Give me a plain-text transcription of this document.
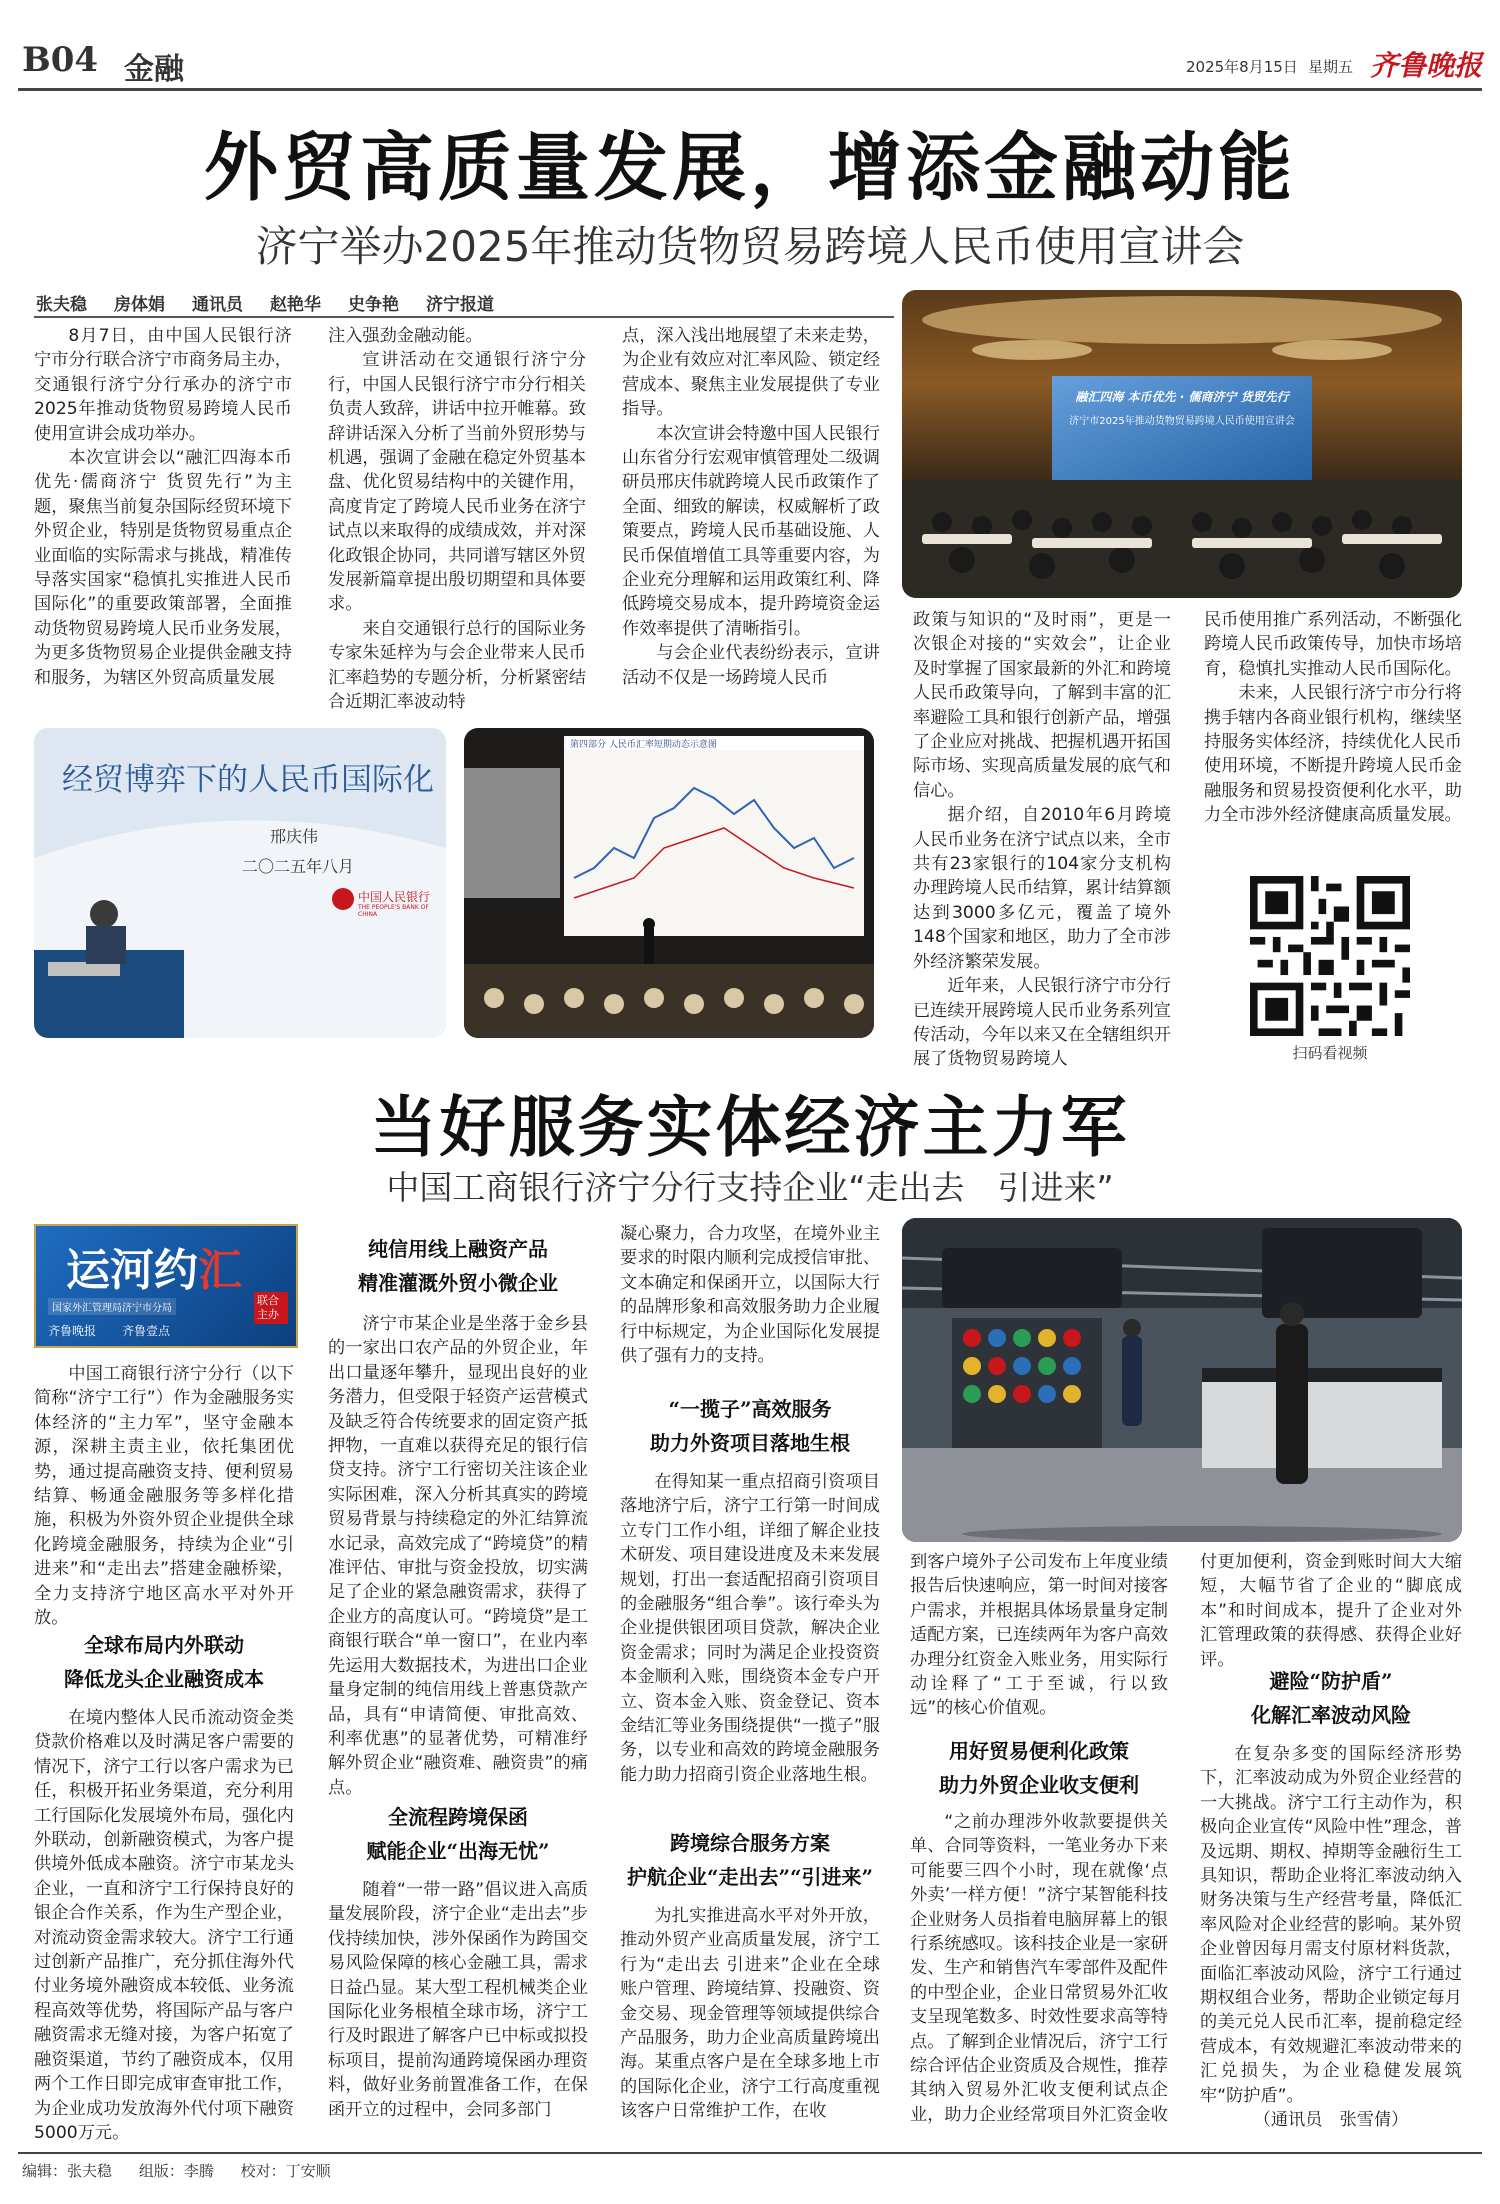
B04 金融	2025年8月15日 星期五 齐鲁晚报
外贸高质量发展，增添金融动能
济宁举办2025年推动货物贸易跨境人民币使用宣讲会
张夫稳 房体娟 通讯员 赵艳华 史争艳 济宁报道

8月7日，由中国人民银行济宁市分行联合济宁市商务局主办，交通银行济宁分行承办的济宁市2025年推动货物贸易跨境人民币使用宣讲会成功举办。

本次宣讲会以“融汇四海本币优先·儒商济宁 货贸先行”为主题，聚焦当前复杂国际经贸环境下外贸企业，特别是货物贸易重点企业面临的实际需求与挑战，精准传导落实国家“稳慎扎实推进人民币国际化”的重要政策部署，全面推动货物贸易跨境人民币业务发展，为更多货物贸易企业提供金融支持和服务，为辖区外贸高质量发展

注入强劲金融动能。

宣讲活动在交通银行济宁分行，中国人民银行济宁市分行相关负责人致辞，讲话中拉开帷幕。致辞讲话深入分析了当前外贸形势与机遇，强调了金融在稳定外贸基本盘、优化贸易结构中的关键作用，高度肯定了跨境人民币业务在济宁试点以来取得的成绩成效，并对深化政银企协同，共同谱写辖区外贸发展新篇章提出殷切期望和具体要求。

来自交通银行总行的国际业务专家朱延梓为与会企业带来人民币汇率趋势的专题分析，分析紧密结合近期汇率波动特

点，深入浅出地展望了未来走势，为企业有效应对汇率风险、锁定经营成本、聚焦主业发展提供了专业指导。

本次宣讲会特邀中国人民银行山东省分行宏观审慎管理处二级调研员邢庆伟就跨境人民币政策作了全面、细致的解读，权威解析了政策要点，跨境人民币基础设施、人民币保值增值工具等重要内容，为企业充分理解和运用政策红利、降低跨境交易成本，提升跨境资金运作效率提供了清晰指引。

与会企业代表纷纷表示，宣讲活动不仅是一场跨境人民币

政策与知识的“及时雨”，更是一次银企对接的“实效会”，让企业及时掌握了国家最新的外汇和跨境人民币政策导向，了解到丰富的汇率避险工具和银行创新产品，增强了企业应对挑战、把握机遇开拓国际市场、实现高质量发展的底气和信心。

据介绍，自2010年6月跨境人民币业务在济宁试点以来，全市共有23家银行的104家分支机构办理跨境人民币结算，累计结算额达到3000多亿元，覆盖了境外148个国家和地区，助力了全市涉外经济繁荣发展。

近年来，人民银行济宁市分行已连续开展跨境人民币业务系列宣传活动，今年以来又在全辖组织开展了货物贸易跨境人

民币使用推广系列活动，不断强化跨境人民币政策传导，加快市场培育，稳慎扎实推动人民币国际化。

未来，人民银行济宁市分行将携手辖内各商业银行机构，继续坚持服务实体经济，持续优化人民币使用环境，不断提升跨境人民币金融服务和贸易投资便利化水平，助力全市涉外经济健康高质量发展。

融汇四海 本币优先 · 儒商济宁 货贸先行
济宁市2025年推动货物贸易跨境人民币使用宣讲会
经贸博弈下的人民币国际化
邢庆伟
二〇二五年八月
中国人民银行
THE PEOPLE'S BANK OF CHINA
第四部分 人民币汇率短期动态示意图
扫码看视频
当好服务实体经济主力军
中国工商银行济宁分行支持企业“走出去　引进来”
运河约汇
国家外汇管理局济宁市分局
齐鲁晚报 齐鲁壹点
联合主办

中国工商银行济宁分行（以下简称“济宁工行”）作为金融服务实体经济的“主力军”，坚守金融本源，深耕主责主业，依托集团优势，通过提高融资支持、便利贸易结算、畅通金融服务等多样化措施，积极为外资外贸企业提供全球化跨境金融服务，持续为企业“引进来”和“走出去”搭建金融桥梁，全力支持济宁地区高水平对外开放。

全球布局内外联动
降低龙头企业融资成本

在境内整体人民币流动资金类贷款价格难以及时满足客户需要的情况下，济宁工行以客户需求为已任，积极开拓业务渠道，充分利用工行国际化发展境外布局，强化内外联动，创新融资模式，为客户提供境外低成本融资。济宁市某龙头企业，一直和济宁工行保持良好的银企合作关系，作为生产型企业，对流动资金需求较大。济宁工行通过创新产品推广，充分抓住海外代付业务境外融资成本较低、业务流程高效等优势，将国际产品与客户融资需求无缝对接，为客户拓宽了融资渠道，节约了融资成本，仅用两个工作日即完成审查审批工作，为企业成功发放海外代付项下融资5000万元。

纯信用线上融资产品
精准灌溉外贸小微企业

济宁市某企业是坐落于金乡县的一家出口农产品的外贸企业，年出口量逐年攀升，显现出良好的业务潜力，但受限于轻资产运营模式及缺乏符合传统要求的固定资产抵押物，一直难以获得充足的银行信贷支持。济宁工行密切关注该企业实际困难，深入分析其真实的跨境贸易背景与持续稳定的外汇结算流水记录，高效完成了“跨境贷”的精准评估、审批与资金投放，切实满足了企业的紧急融资需求，获得了企业方的高度认可。“跨境贷”是工商银行联合“单一窗口”，在业内率先运用大数据技术，为进出口企业量身定制的纯信用线上普惠贷款产品，具有“申请简便、审批高效、利率优惠”的显著优势，可精准纾解外贸企业“融资难、融资贵”的痛点。

全流程跨境保函
赋能企业“出海无忧”

随着“一带一路”倡议进入高质量发展阶段，济宁企业“走出去”步伐持续加快，涉外保函作为跨国交易风险保障的核心金融工具，需求日益凸显。某大型工程机械类企业国际化业务根植全球市场，济宁工行及时跟进了解客户已中标或拟投标项目，提前沟通跨境保函办理资料，做好业务前置准备工作，在保函开立的过程中，会同多部门

凝心聚力，合力攻坚，在境外业主要求的时限内顺利完成授信审批、文本确定和保函开立，以国际大行的品牌形象和高效服务助力企业履行中标规定，为企业国际化发展提供了强有力的支持。

“一揽子”高效服务
助力外资项目落地生根

在得知某一重点招商引资项目落地济宁后，济宁工行第一时间成立专门工作小组，详细了解企业技术研发、项目建设进度及未来发展规划，打出一套适配招商引资项目的金融服务“组合拳”。该行牵头为企业提供银团项目贷款，解决企业资金需求；同时为满足企业投资资本金顺利入账，围绕资本金专户开立、资本金入账、资金登记、资本金结汇等业务围绕提供“一揽子”服务，以专业和高效的跨境金融服务能力助力招商引资企业落地生根。

跨境综合服务方案
护航企业“走出去”“引进来”

为扎实推进高水平对外开放，推动外贸产业高质量发展，济宁工行为“走出去 引进来”企业在全球账户管理、跨境结算、投融资、资金交易、现金管理等领域提供综合产品服务，助力企业高质量跨境出海。某重点客户是在全球多地上市的国际化企业，济宁工行高度重视该客户日常维护工作，在收

到客户境外子公司发布上年度业绩报告后快速响应，第一时间对接客户需求，并根据具体场景量身定制适配方案，已连续两年为客户高效办理分红资金入账业务，用实际行动诠释了“工于至诚，行以致远”的核心价值观。

用好贸易便利化政策
助力外贸企业收支便利

“之前办理涉外收款要提供关单、合同等资料，一笔业务办下来可能要三四个小时，现在就像‘点外卖’一样方便！”济宁某智能科技企业财务人员指着电脑屏幕上的银行系统感叹。该科技企业是一家研发、生产和销售汽车零部件及配件的中型企业，企业日常贸易外汇收支呈现笔数多、时效性要求高等特点。了解到企业情况后，济宁工行综合评估企业资质及合规性，推荐其纳入贸易外汇收支便利试点企业，助力企业经常项目外汇资金收

付更加便利，资金到账时间大大缩短，大幅节省了企业的“脚底成本”和时间成本，提升了企业对外汇管理政策的获得感、获得企业好评。

避险“防护盾”
化解汇率波动风险

在复杂多变的国际经济形势下，汇率波动成为外贸企业经营的一大挑战。济宁工行主动作为，积极向企业宣传“风险中性”理念，普及远期、期权、掉期等金融衍生工具知识，帮助企业将汇率波动纳入财务决策与生产经营考量，降低汇率风险对企业经营的影响。某外贸企业曾因每月需支付原材料货款，面临汇率波动风险，济宁工行通过期权组合业务，帮助企业锁定每月的美元兑人民币汇率，提前稳定经营成本，有效规避汇率波动带来的汇兑损失，为企业稳健发展筑牢“防护盾”。

（通讯员　张雪倩）

编辑：张夫稳 组版：李腾 校对：丁安顺
